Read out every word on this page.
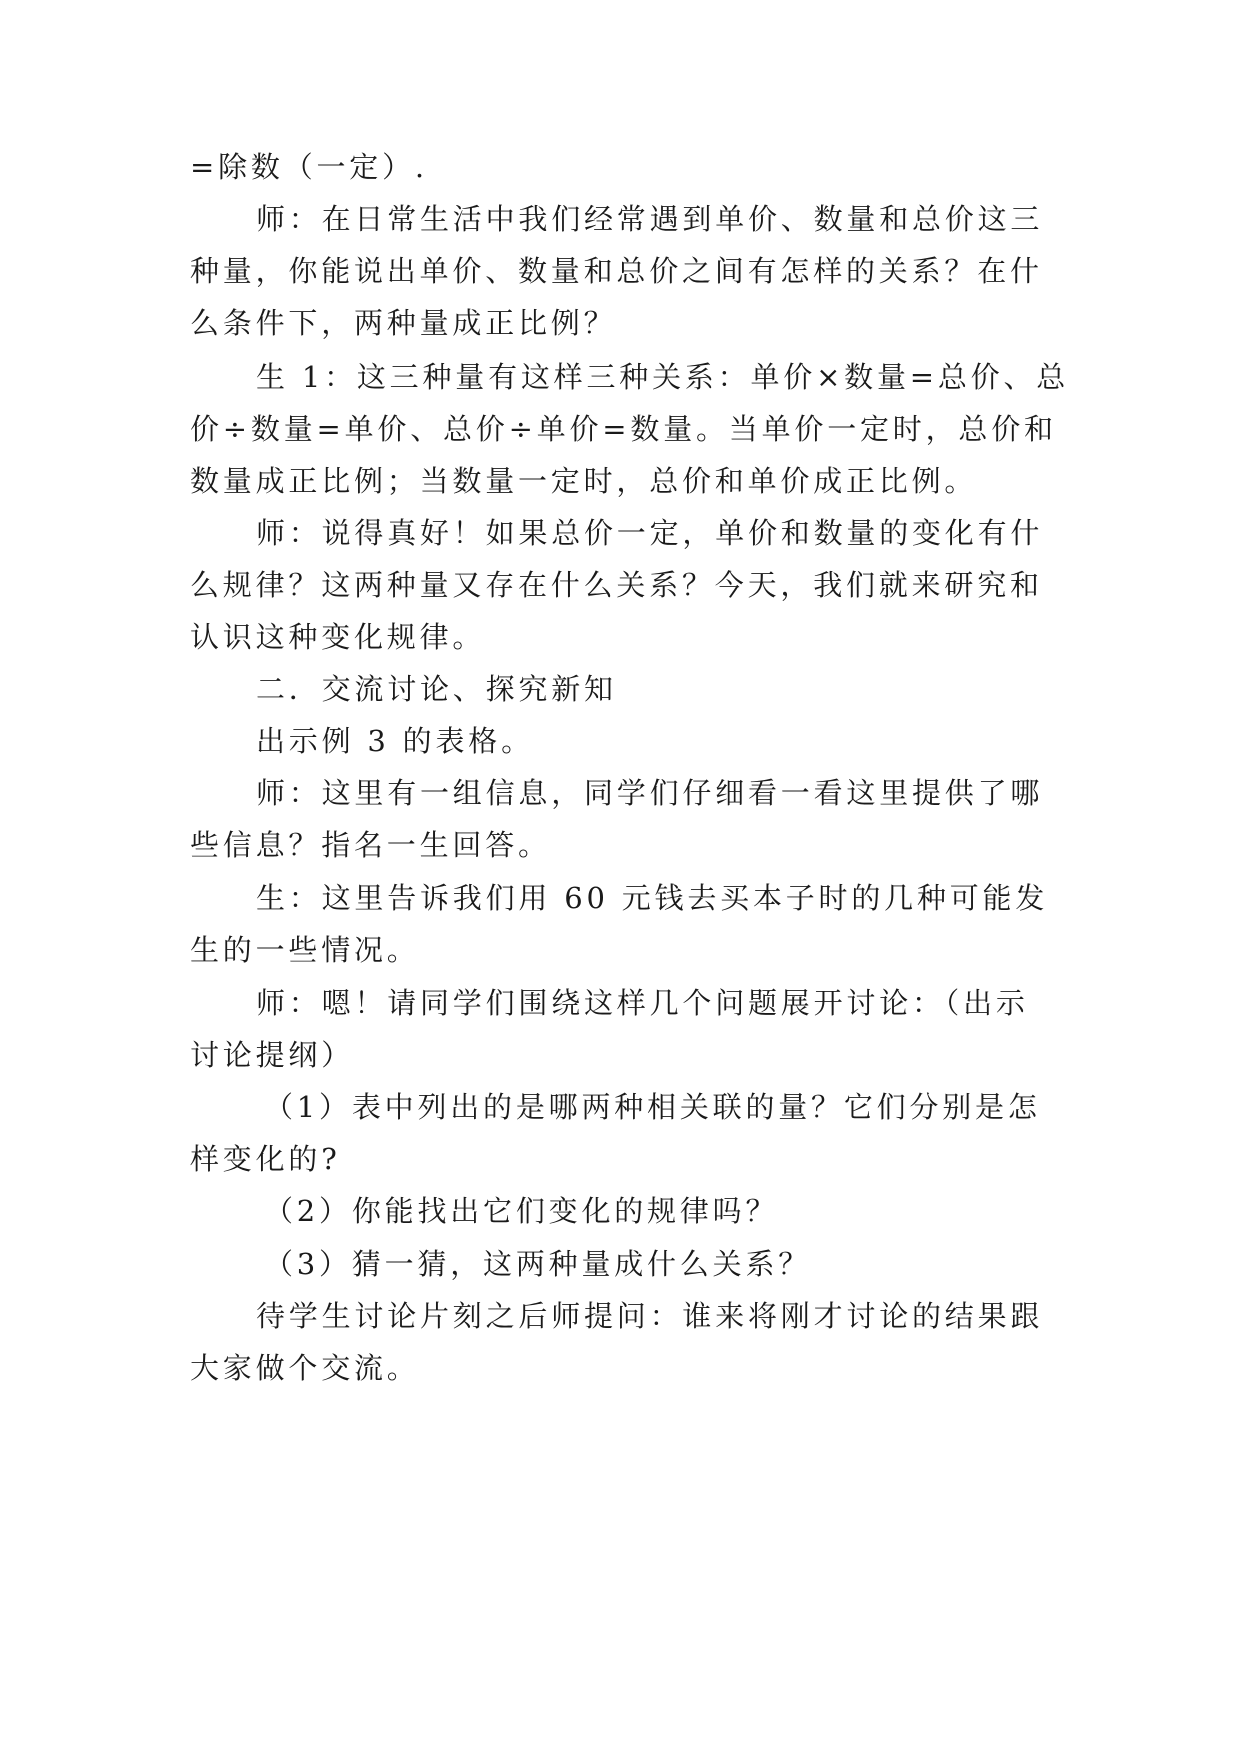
=除数（一定）.
师：在日常生活中我们经常遇到单价、数量和总价这三
种量，你能说出单价、数量和总价之间有怎样的关系？在什
么条件下，两种量成正比例？
生 1：这三种量有这样三种关系：单价×数量=总价、总
价÷数量=单价、总价÷单价=数量。当单价一定时，总价和
数量成正比例；当数量一定时，总价和单价成正比例。
师：说得真好！如果总价一定，单价和数量的变化有什
么规律？这两种量又存在什么关系？今天，我们就来研究和
认识这种变化规律。
二．交流讨论、探究新知
出示例 3 的表格。
师：这里有一组信息，同学们仔细看一看这里提供了哪
些信息？指名一生回答。
生：这里告诉我们用 60 元钱去买本子时的几种可能发
生的一些情况。
师：嗯！请同学们围绕这样几个问题展开讨论：（出示
讨论提纲）
（1）表中列出的是哪两种相关联的量？它们分别是怎
样变化的?
（2）你能找出它们变化的规律吗？
（3）猜一猜，这两种量成什么关系？
待学生讨论片刻之后师提问：谁来将刚才讨论的结果跟
大家做个交流。
